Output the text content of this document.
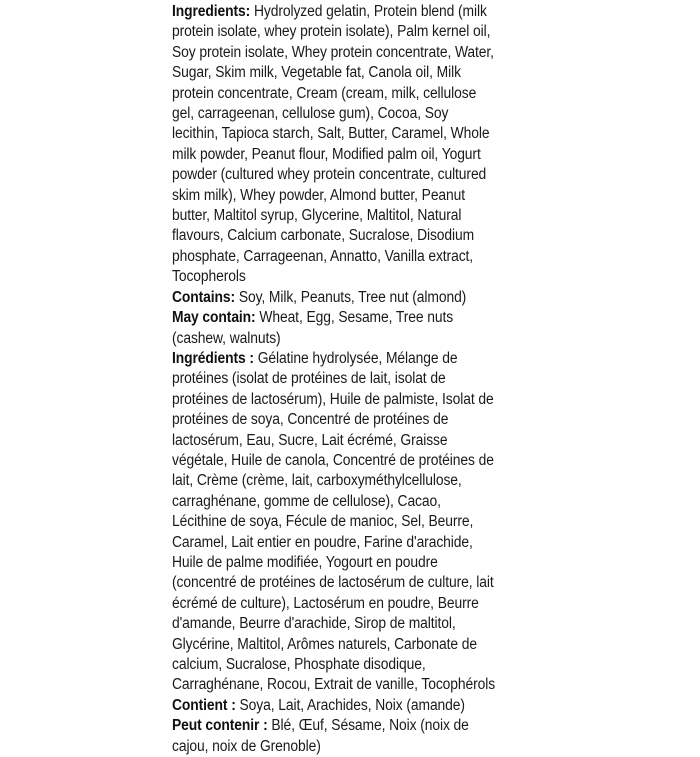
Ingredients: Hydrolyzed gelatin, Protein blend (milk protein isolate, whey protein isolate), Palm kernel oil, Soy protein isolate, Whey protein concentrate, Water, Sugar, Skim milk, Vegetable fat, Canola oil, Milk protein concentrate, Cream (cream, milk, cellulose gel, carrageenan, cellulose gum), Cocoa, Soy lecithin, Tapioca starch, Salt, Butter, Caramel, Whole milk powder, Peanut flour, Modified palm oil, Yogurt powder (cultured whey protein concentrate, cultured skim milk), Whey powder, Almond butter, Peanut butter, Maltitol syrup, Glycerine, Maltitol, Natural flavours, Calcium carbonate, Sucralose, Disodium phosphate, Carrageenan, Annatto, Vanilla extract, Tocopherols

Contains: Soy, Milk, Peanuts, Tree nut (almond)

May contain: Wheat, Egg, Sesame, Tree nuts (cashew, walnuts)

Ingrédients : Gélatine hydrolysée, Mélange de protéines (isolat de protéines de lait, isolat de protéines de lactosérum), Huile de palmiste, Isolat de protéines de soya, Concentré de protéines de lactosérum, Eau, Sucre, Lait écrémé, Graisse végétale, Huile de canola, Concentré de protéines de lait, Crème (crème, lait, carboxyméthylcellulose, carraghénane, gomme de cellulose), Cacao, Lécithine de soya, Fécule de manioc, Sel, Beurre, Caramel, Lait entier en poudre, Farine d'arachide, Huile de palme modifiée, Yogourt en poudre (concentré de protéines de lactosérum de culture, lait écrémé de culture), Lactosérum en poudre, Beurre d'amande, Beurre d'arachide, Sirop de maltitol, Glycérine, Maltitol, Arômes naturels, Carbonate de calcium, Sucralose, Phosphate disodique, Carraghénane, Rocou, Extrait de vanille, Tocophérols

Contient : Soya, Lait, Arachides, Noix (amande)

Peut contenir : Blé, Œuf, Sésame, Noix (noix de cajou, noix de Grenoble)
